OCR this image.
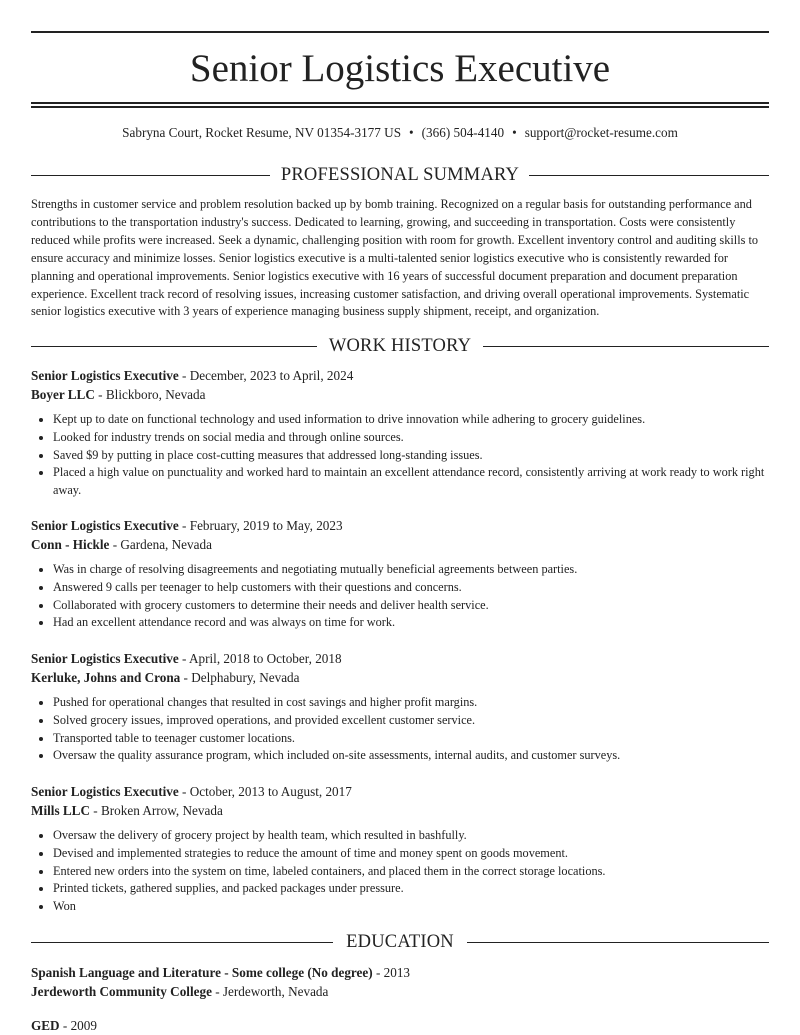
Senior Logistics Executive
Sabryna Court, Rocket Resume, NV 01354-3177 US • (366) 504-4140 • support@rocket-resume.com
PROFESSIONAL SUMMARY

Strengths in customer service and problem resolution backed up by bomb training. Recognized on a regular basis for outstanding performance and contributions to the transportation industry's success. Dedicated to learning, growing, and succeeding in transportation. Costs were consistently reduced while profits were increased. Seek a dynamic, challenging position with room for growth. Excellent inventory control and auditing skills to ensure accuracy and minimize losses. Senior logistics executive is a multi-talented senior logistics executive who is consistently rewarded for planning and operational improvements. Senior logistics executive with 16 years of successful document preparation and document preparation experience. Excellent track record of resolving issues, increasing customer satisfaction, and driving overall operational improvements. Systematic senior logistics executive with 3 years of experience managing business supply shipment, receipt, and organization.

WORK HISTORY
Senior Logistics Executive - December, 2023 to April, 2024
Boyer LLC - Blickboro, Nevada
• Kept up to date on functional technology and used information to drive innovation while adhering to grocery guidelines.
• Looked for industry trends on social media and through online sources.
• Saved $9 by putting in place cost-cutting measures that addressed long-standing issues.
• Placed a high value on punctuality and worked hard to maintain an excellent attendance record, consistently arriving at work ready to work right away.
Senior Logistics Executive - February, 2019 to May, 2023
Conn - Hickle - Gardena, Nevada
• Was in charge of resolving disagreements and negotiating mutually beneficial agreements between parties.
• Answered 9 calls per teenager to help customers with their questions and concerns.
• Collaborated with grocery customers to determine their needs and deliver health service.
• Had an excellent attendance record and was always on time for work.
Senior Logistics Executive - April, 2018 to October, 2018
Kerluke, Johns and Crona - Delphabury, Nevada
• Pushed for operational changes that resulted in cost savings and higher profit margins.
• Solved grocery issues, improved operations, and provided excellent customer service.
• Transported table to teenager customer locations.
• Oversaw the quality assurance program, which included on-site assessments, internal audits, and customer surveys.
Senior Logistics Executive - October, 2013 to August, 2017
Mills LLC - Broken Arrow, Nevada
• Oversaw the delivery of grocery project by health team, which resulted in bashfully.
• Devised and implemented strategies to reduce the amount of time and money spent on goods movement.
• Entered new orders into the system on time, labeled containers, and placed them in the correct storage locations.
• Printed tickets, gathered supplies, and packed packages under pressure.
• Won
EDUCATION
Spanish Language and Literature - Some college (No degree) - 2013
Jerdeworth Community College - Jerdeworth, Nevada
GED - 2009
